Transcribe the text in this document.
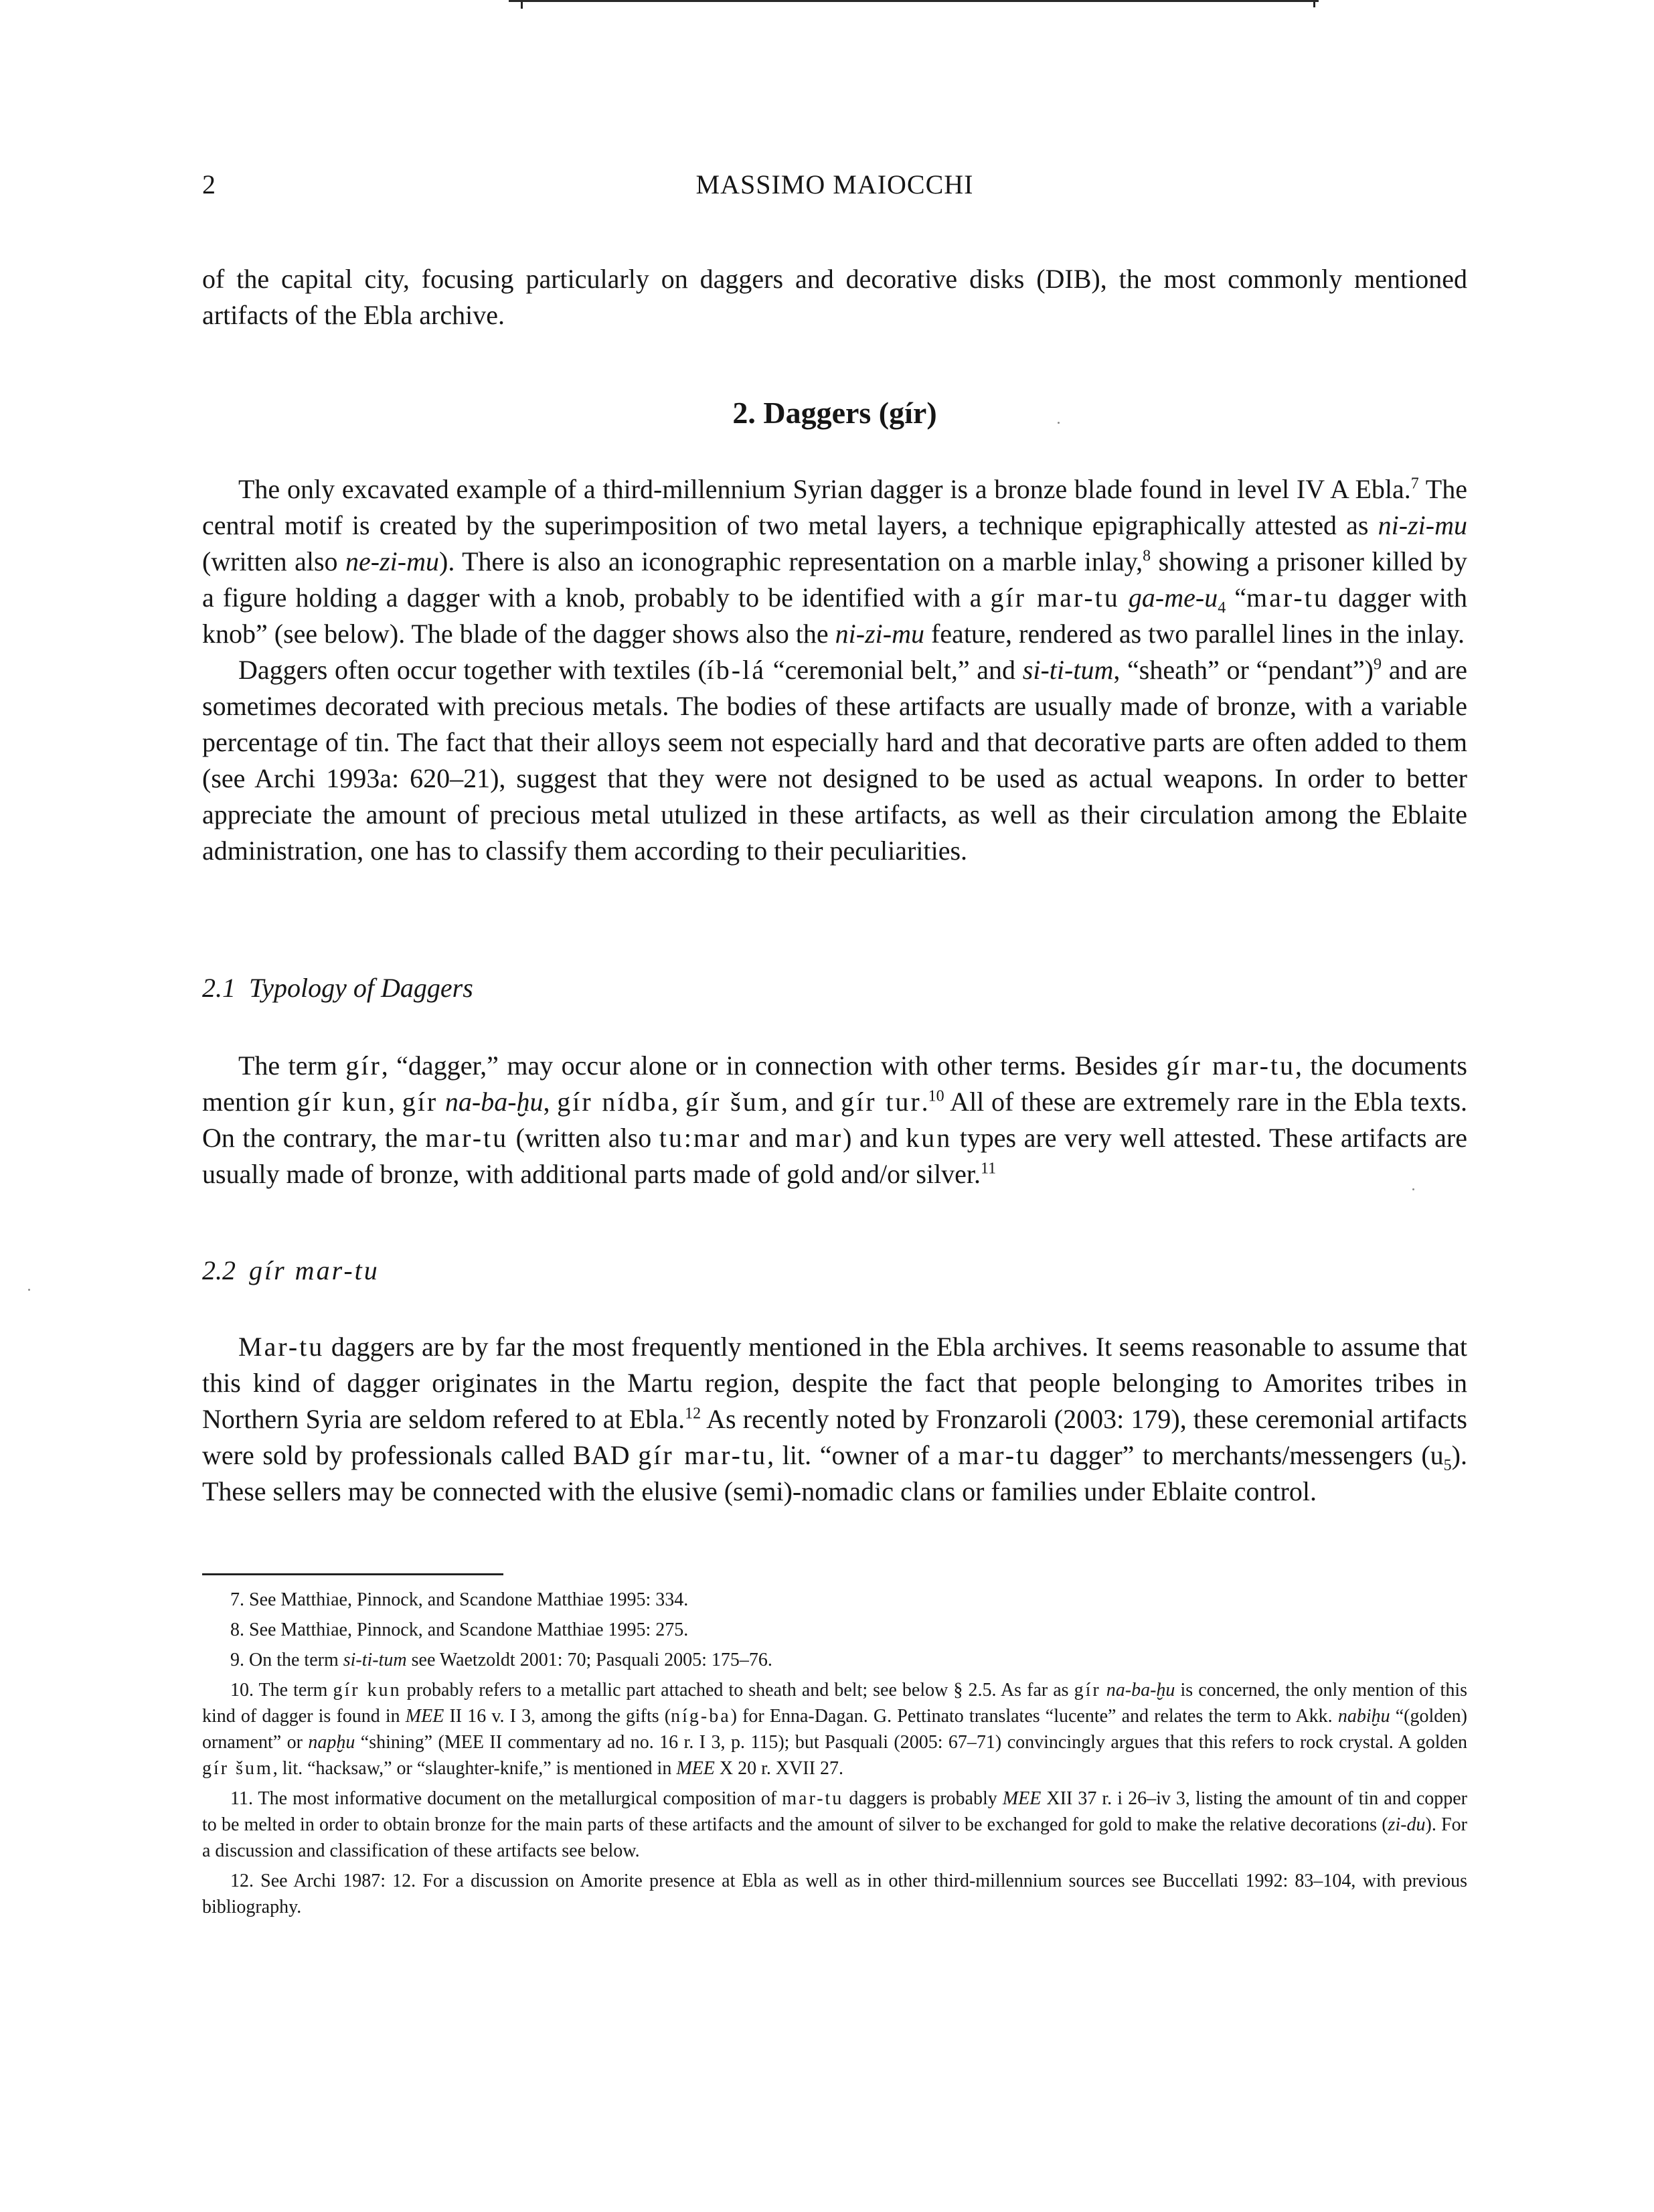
2	MASSIMO MAIOCCHI

of the capital city, focusing particularly on daggers and decorative disks (DIB), the most commonly mentioned artifacts of the Ebla archive.

2. Daggers (gír)

The only excavated example of a third-millennium Syrian dagger is a bronze blade found in level IV A Ebla.$^7$ The central motif is created by the superimposition of two metal layers, a technique epigraphically attested as ni-zi-mu (written also ne-zi-mu). There is also an iconographic representation on a marble inlay,$^8$ showing a prisoner killed by a figure holding a dagger with a knob, probably to be identified with a gír mar-tu $ga-me-u_4$ “mar-tu dagger with knob” (see below). The blade of the dagger shows also the ni-zi-mu feature, rendered as two parallel lines in the inlay.

Daggers often occur together with textiles (íb-lá “ceremonial belt,” and si-ti-tum, “sheath” or “pendant”)$^9$ and are sometimes decorated with precious metals. The bodies of these artifacts are usually made of bronze, with a variable percentage of tin. The fact that their alloys seem not especially hard and that decorative parts are often added to them (see Archi 1993a: 620–21), suggest that they were not designed to be used as actual weapons. In order to better appreciate the amount of precious metal utulized in these artifacts, as well as their circulation among the Eblaite administration, one has to classify them according to their peculiarities.

2.1 Typology of Daggers

The term gír, “dagger,” may occur alone or in connection with other terms. Besides gír mar-tu, the documents mention gír kun, gír na-ba-ḫu, gír nídba, gír šum, and gír tur.$^{10}$ All of these are extremely rare in the Ebla texts. On the contrary, the mar-tu (written also tu:mar and mar) and kun types are very well attested. These artifacts are usually made of bronze, with additional parts made of gold and/or silver.$^{11}$

2.2 gír mar-tu

Mar-tu daggers are by far the most frequently mentioned in the Ebla archives. It seems reasonable to assume that this kind of dagger originates in the Martu region, despite the fact that people belonging to Amorites tribes in Northern Syria are seldom refered to at Ebla.$^{12}$ As recently noted by Fronzaroli (2003: 179), these ceremonial artifacts were sold by professionals called BAD gír mar-tu, lit. “owner of a mar-tu dagger” to merchants/messengers $(u_5)$. These sellers may be connected with the elusive (semi)-nomadic clans or families under Eblaite control.

7. See Matthiae, Pinnock, and Scandone Matthiae 1995: 334.

8. See Matthiae, Pinnock, and Scandone Matthiae 1995: 275.

9. On the term si-ti-tum see Waetzoldt 2001: 70; Pasquali 2005: 175–76.

10. The term gír kun probably refers to a metallic part attached to sheath and belt; see below § 2.5. As far as gír na-ba-ḫu is concerned, the only mention of this kind of dagger is found in MEE II 16 v. I 3, among the gifts (níg-ba) for Enna-Dagan. G. Pettinato translates “lucente” and relates the term to Akk. nabiḫu “(golden) ornament” or napḫu “shining” (MEE II commentary ad no. 16 r. I 3, p. 115); but Pasquali (2005: 67–71) convincingly argues that this refers to rock crystal. A golden gír šum, lit. “hacksaw,” or “slaughter-knife,” is mentioned in MEE X 20 r. XVII 27.

11. The most informative document on the metallurgical composition of mar-tu daggers is probably MEE XII 37 r. i 26–iv 3, listing the amount of tin and copper to be melted in order to obtain bronze for the main parts of these artifacts and the amount of silver to be exchanged for gold to make the relative decorations (zi-du). For a discussion and classification of these artifacts see below.

12. See Archi 1987: 12. For a discussion on Amorite presence at Ebla as well as in other third-millennium sources see Buccellati 1992: 83–104, with previous bibliography.
